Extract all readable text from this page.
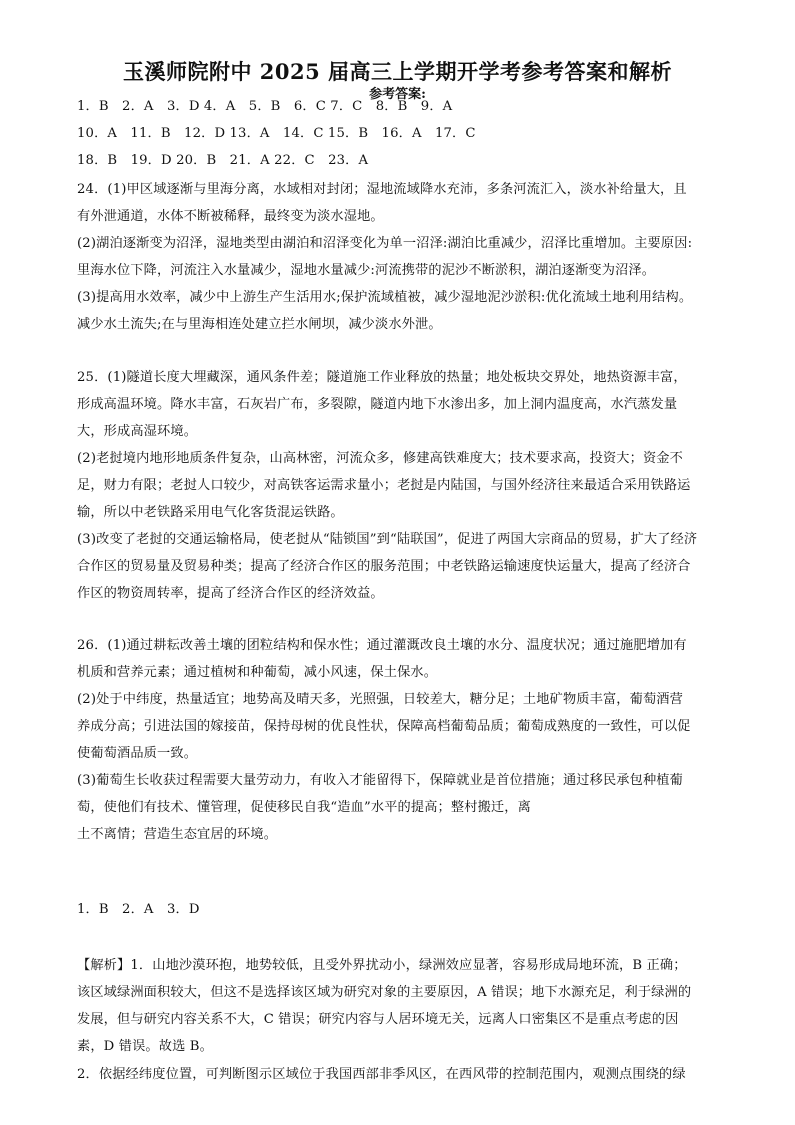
玉溪师院附中 2025 届高三上学期开学考参考答案和解析
参考答案:
1．B　2．A　3．D 4．A　5．B　6．C 7．C　8．B　9．A
10．A　11．B　12．D 13．A　14．C 15．B　16．A　17．C
18．B　19．D 20．B　21．A 22．C　23．A
24．(1)甲区域逐渐与里海分离，水域相对封闭；湿地流域降水充沛，多条河流汇入，淡水补给量大，且
有外泄通道，水体不断被稀释，最终变为淡水湿地。
(2)湖泊逐渐变为沼泽，湿地类型由湖泊和沼泽变化为单一沼泽:湖泊比重减少，沼泽比重增加。主要原因:
里海水位下降，河流注入水量减少，湿地水量减少:河流携带的泥沙不断淤积，湖泊逐渐变为沼泽。
(3)提高用水效率，减少中上游生产生活用水;保护流域植被，减少湿地泥沙淤积:优化流域土地利用结构。
减少水土流失;在与里海相连处建立拦水闸坝，减少淡水外泄。
25．(1)隧道长度大埋藏深，通风条件差；隧道施工作业释放的热量；地处板块交界处，地热资源丰富，
形成高温环境。降水丰富，石灰岩广布，多裂隙，隧道内地下水渗出多，加上洞内温度高，水汽蒸发量
大，形成高湿环境。
(2)老挝境内地形地质条件复杂，山高林密，河流众多，修建高铁难度大；技术要求高，投资大；资金不
足，财力有限；老挝人口较少，对高铁客运需求量小；老挝是内陆国，与国外经济往来最适合采用铁路运
输，所以中老铁路采用电气化客货混运铁路。
(3)改变了老挝的交通运输格局，使老挝从“陆锁国”到“陆联国”，促进了两国大宗商品的贸易，扩大了经济
合作区的贸易量及贸易种类；提高了经济合作区的服务范围；中老铁路运输速度快运量大，提高了经济合
作区的物资周转率，提高了经济合作区的经济效益。
26．(1)通过耕耘改善土壤的团粒结构和保水性；通过灌溉改良土壤的水分、温度状况；通过施肥增加有
机质和营养元素；通过植树和种葡萄，减小风速，保土保水。
(2)处于中纬度，热量适宜；地势高及晴天多，光照强，日较差大，糖分足；土地矿物质丰富，葡萄酒营
养成分高；引进法国的嫁接苗，保持母树的优良性状，保障高档葡萄品质；葡萄成熟度的一致性，可以促
使葡萄酒品质一致。
(3)葡萄生长收获过程需要大量劳动力，有收入才能留得下，保障就业是首位措施；通过移民承包种植葡
萄，使他们有技术、懂管理，促使移民自我“造血”水平的提高；整村搬迁，离
土不离情；营造生态宜居的环境。
1．B　2．A　3．D
【解析】1．山地沙漠环抱，地势较低，且受外界扰动小，绿洲效应显著，容易形成局地环流，B 正确；
该区域绿洲面积较大，但这不是选择该区域为研究对象的主要原因，A 错误；地下水源充足，利于绿洲的
发展，但与研究内容关系不大，C 错误；研究内容与人居环境无关，远离人口密集区不是重点考虑的因
素，D 错误。故选 B。
2．依据经纬度位置，可判断图示区域位于我国西部非季风区，在西风带的控制范围内，观测点围绕的绿
